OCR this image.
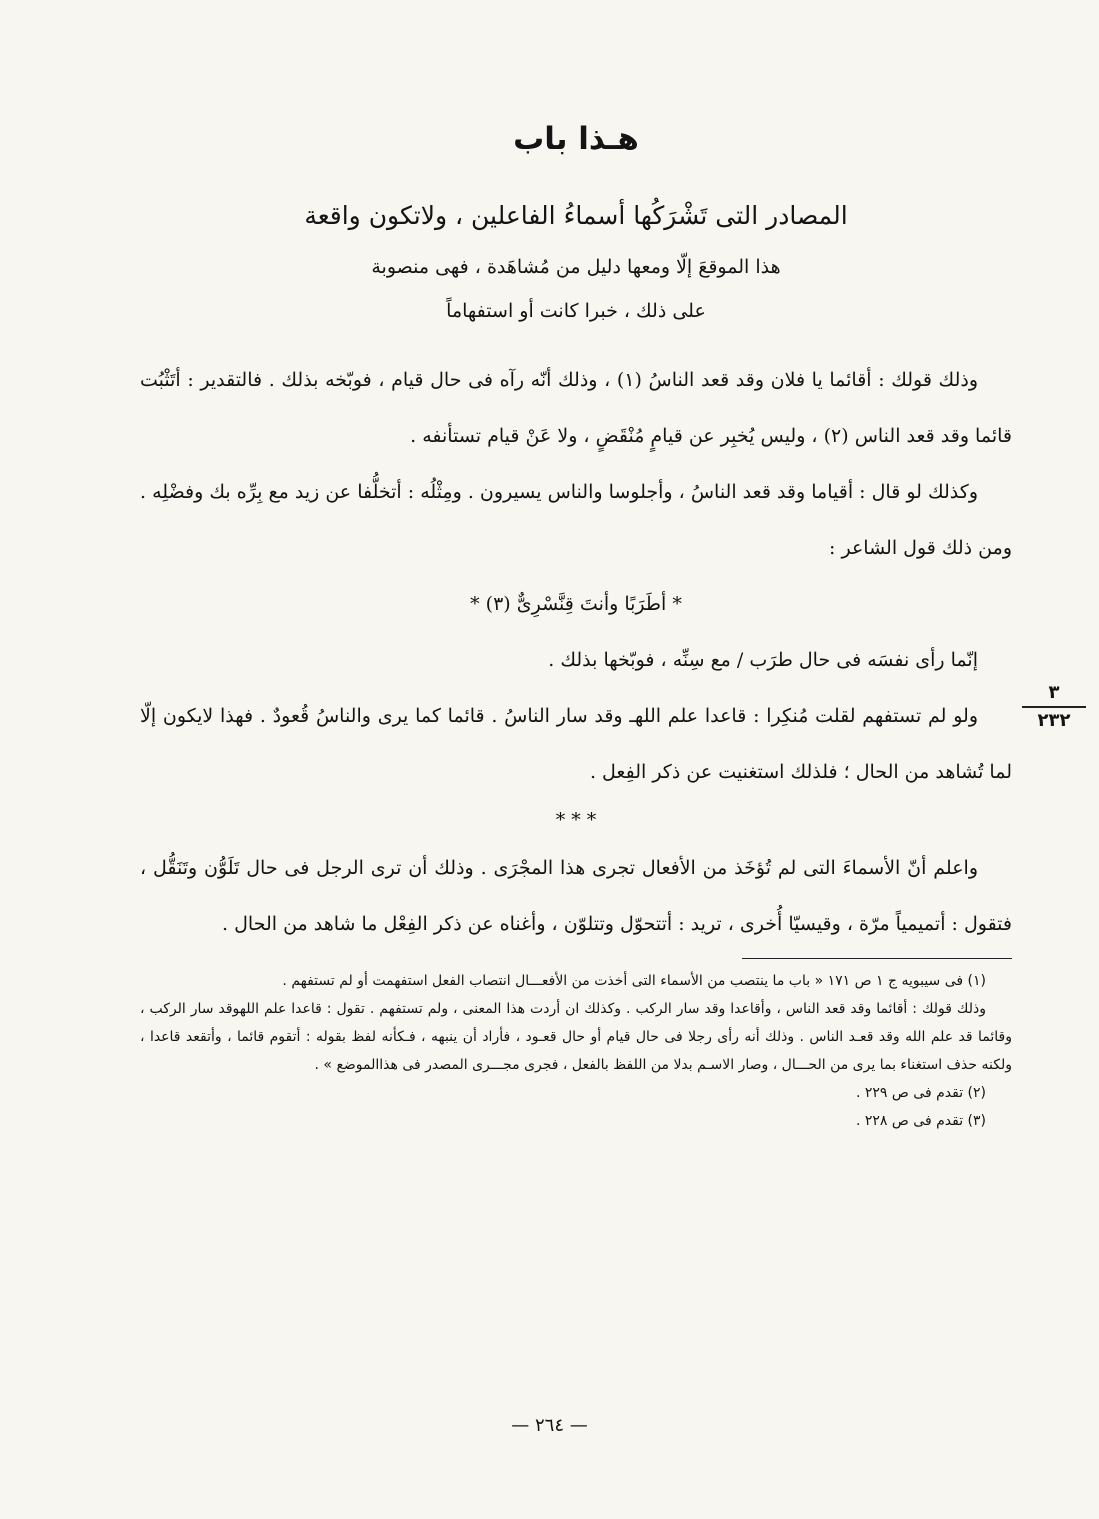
هـذا باب
المصادر التى تَشْرَكُها أسماءُ الفاعلين ، ولاتكون واقعة
هذا الموقعَ إلّا ومعها دليل من مُشاهَدة ، فهى منصوبة
على ذلك ، خبرا كانت أو استفهاماً

وذلك قولك : أقائما يا فلان وقد قعد الناسُ (١) ، وذلك أنّه رآه فى حال قيام ، فوبّخه بذلك . فالتقدير : أتَثْبُت قائما وقد قعد الناس (٢) ، وليس يُخبِر عن قيامٍ مُنْقَضٍ ، ولا عَنْ قيام تستأنفه .

وكذلك لو قال : أقياما وقد قعد الناسُ ، وأجلوسا والناس يسيرون . ومِثْلُه : أتخلُّفا عن زيد مع بِرِّه بك وفضْلِه . ومن ذلك قول الشاعر :

* أطَرَبًا وأنتَ قِنَّسْرِىٌّ (٣) *

إنّما رأى نفسَه فى حال طرَب / مع سِنِّه ، فوبّخها بذلك .

ولو لم تستفهم لقلت مُنكِرا : قاعدا علم اللهـ وقد سار الناسُ . قائما كما يرى والناسُ قُعودٌ . فهذا لايكون إلّا لما تُشاهد من الحال ؛ فلذلك استغنيت عن ذكر الفِعل .

* * *

واعلم أنّ الأسماءَ التى لم تُؤخَذ من الأفعال تجرى هذا المجْرَى . وذلك أن ترى الرجل فى حال تَلَوُّن وتَنَقُّل ، فتقول : أتميمياً مرّة ، وقيسيّا أُخرى ، تريد : أتتحوّل وتتلوّن ، وأغناه عن ذكر الفِعْل ما شاهد من الحال .

(١) فى سيبويه ج ١ ص ١٧١ « باب ما ينتصب من الأسماء التى أخذت من الأفعـــال انتصاب الفعل استفهمت أو لم تستفهم .

وذلك قولك : أقائما وقد قعد الناس ، وأقاعدا وقد سار الركب . وكذلك ان أردت هذا المعنى ، ولم تستفهم . تقول : قاعدا علم اللهوقد سار الركب ، وقائما قد علم الله وقد قعـد الناس . وذلك أنه رأى رجلا فى حال قيام أو حال قعـود ، فأراد أن ينبهه ، فـكأنه لفظ بقوله : أتقوم قائما ، وأتقعد قاعدا ، ولكنه حذف استغناء بما يرى من الحـــال ، وصار الاسـم بدلا من اللفظ بالفعل ، فجرى مجـــرى المصدر فى هذاالموضع » .

(٢) تقدم فى ص ٢٢٩ .

(٣) تقدم فى ص ٢٢٨ .

٣
٢٣٢
— ٢٦٤ —
